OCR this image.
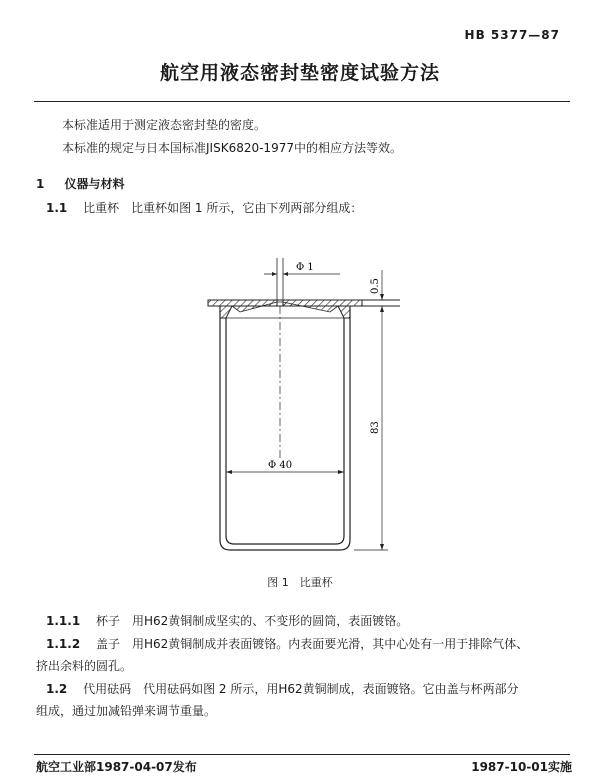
HB 5377—87
航空用液态密封垫密度试验方法
本标准适用于测定液态密封垫的密度。
本标准的规定与日本国标准JISK6820-1977中的相应方法等效。
1 仪器与材料
1.1 比重杯　比重杯如图 1 所示，它由下列两部分组成：
Φ 1
Φ 40
0.5
83
图 1　比重杯
1.1.1 杯子　用H62黄铜制成坚实的、不变形的圆筒，表面镀铬。
1.1.2 盖子　用H62黄铜制成并表面镀铬。内表面要光滑，其中心处有一用于排除气体、
挤出余料的圆孔。
1.2 代用砝码　代用砝码如图 2 所示，用H62黄铜制成，表面镀铬。它由盖与杯两部分
组成，通过加减铅弹来调节重量。
航空工业部1987-04-07发布	1987-10-01实施
